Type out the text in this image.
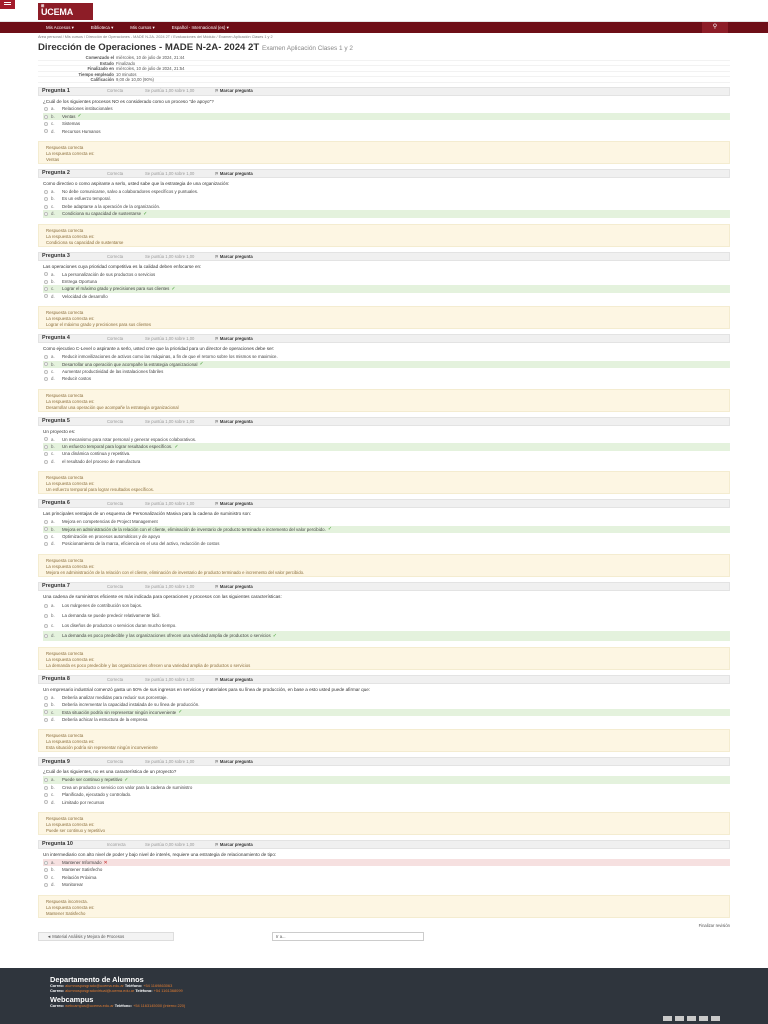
⊞
UCEMA
Mis Accesos ▾	Biblioteca ▾	Mis cursos ▾	Español - Internacional (es) ▾	⚲
Área personal / Mis cursos / Dirección de Operaciones - MADE N-2A- 2024 2T / Evaluaciones del Módulo / Examen Aplicación Clases 1 y 2
Dirección de Operaciones - MADE N-2A- 2024 2T Examen Aplicación Clases 1 y 2
Comenzado el miércoles, 10 de julio de 2024, 21:44
Estado Finalizado
Finalizado en miércoles, 10 de julio de 2024, 21:54
Tiempo empleado 10 minutos
Calificación 9,00 de 10,00 (90%)
Pregunta 1	Correcta	Se puntúa 1,00 sobre 1,00	⚐ Marcar pregunta
¿Cuál de los siguientes procesos NO es considerado como un proceso "de apoyo"?
a.	Relaciones institucionales
b.	Ventas ✓
c.	Sistemas
d.	Recursos Humanos
Respuesta correcta
La respuesta correcta es:
Ventas
Pregunta 2	Correcta	Se puntúa 1,00 sobre 1,00	⚐ Marcar pregunta
Como directivo o como aspirante a serlo, usted sabe que la estrategia de una organización:
a.	No debe comunicarse, salvo a colaboradores específicos y puntuales.
b.	Es un esfuerzo temporal.
c.	Debe adaptarse a la operación de la organización.
d.	Condiciona su capacidad de sustentarse ✓
Respuesta correcta
La respuesta correcta es:
Condiciona su capacidad de sustentarse
Pregunta 3	Correcta	Se puntúa 1,00 sobre 1,00	⚐ Marcar pregunta
Las operaciones cuya prioridad competitiva es la calidad deben enfocarse en:
a.	La personalización de sus productos o servicios
b.	Entrega Oportuna
c.	Lograr el máximo grado y precisiones para sus clientes ✓
d.	Velocidad de desarrollo
Respuesta correcta
La respuesta correcta es:
Lograr el máximo grado y precisiones para sus clientes
Pregunta 4	Correcta	Se puntúa 1,00 sobre 1,00	⚐ Marcar pregunta
Como ejecutivo C-Level o aspirante a serlo, usted cree que la prioridad para un director de operaciones debe ser:
a.	Reducir inmovilizaciones de activos como las máquinas, a fin de que el retorno sobre los mismos se maximice.
b.	Desarrollar una operación que acompañe la estrategia organizacional ✓
c.	Aumentar productividad de las instalaciones fabriles
d.	Reducir costos
Respuesta correcta
La respuesta correcta es:
Desarrollar una operación que acompañe la estrategia organizacional
Pregunta 5	Correcta	Se puntúa 1,00 sobre 1,00	⚐ Marcar pregunta
Un proyecto es:
a.	Un mecanismo para rotar personal y generar espacios colaborativos.
b.	Un esfuerzo temporal para lograr resultados específicos. ✓
c.	Una dinámica continua y repetitiva.
d.	el resultado del proceso de manufactura
Respuesta correcta
La respuesta correcta es:
Un esfuerzo temporal para lograr resultados específicos.
Pregunta 6	Correcta	Se puntúa 1,00 sobre 1,00	⚐ Marcar pregunta
Las principales ventajas de un esquema de Personalización Masiva para la cadena de suministro son:
a.	Mejora en competencias de Project Management
b.	Mejora en administración de la relación con el cliente, eliminación de inventario de producto terminado e incremento del valor percibido. ✓
c.	Optimización en procesos automáticos y de apoyo
d.	Posicionamiento de la marca, eficiencia en el uso del activo, reducción de costos
Respuesta correcta
La respuesta correcta es:
Mejora en administración de la relación con el cliente, eliminación de inventario de producto terminado e incremento del valor percibido.
Pregunta 7	Correcta	Se puntúa 1,00 sobre 1,00	⚐ Marcar pregunta
Una cadena de suministros eficiente es más indicada para operaciones y procesos con las siguientes características:
a.	Los márgenes de contribución son bajos.
b.	La demanda se puede predecir relativamente fácil.
c.	Los diseños de productos o servicios duran mucho tiempo.
d.	La demanda es poco predecible y las organizaciones ofrecen una variedad amplia de productos o servicios ✓
Respuesta correcta
La respuesta correcta es:
La demanda es poco predecible y las organizaciones ofrecen una variedad amplia de productos o servicios
Pregunta 8	Correcta	Se puntúa 1,00 sobre 1,00	⚐ Marcar pregunta
Un empresario industrial comenzó gasta un 50% de sus ingresos en servicios y materiales para su línea de producción, en base a esto usted puede afirmar que:
a.	Debería analizar medidas para reducir sus porcentaje.
b.	Debería incrementar la capacidad instalada de su línea de producción.
c.	Esta situación podría sin representar ningún inconveniente ✓
d.	Debería achicar la estructura de la empresa
Respuesta correcta
La respuesta correcta es:
Esta situación podría sin representar ningún inconveniente
Pregunta 9	Correcta	Se puntúa 1,00 sobre 1,00	⚐ Marcar pregunta
¿Cuál de las siguientes, no es una característica de un proyecto?
a.	Puede ser continuo y repetitivo ✓
b.	Crea un producto o servicio con valor para la cadena de suministro
c.	Planificado, ejecutado y controlado.
d.	Limitado por recursos
Respuesta correcta
La respuesta correcta es:
Puede ser continuo y repetitivo
Pregunta 10	Incorrecta	Se puntúa 0,00 sobre 1,00	⚐ Marcar pregunta
Un intermediario con alto nivel de poder y bajo nivel de interés, requiere una estrategia de relacionamiento de tipo:
a.	Mantener Informado ✕
b.	Mantener Satisfecho
c.	Relación Próxima
d.	Monitorear
Respuesta incorrecta.
La respuesta correcta es:
Mantener Satisfecho
Finalizar revisión
◄ Material Análisis y Mejora de Procesos	Ir a...
Departamento de Alumnos
Correo: alumnosposgrado@ucema.edu.ar Teléfono: +54 1169863063
Correo: alumnosposgradovirtual@ucema.edu.ar Teléfono: +54 1161368099
Webcampus
Correo: webcampus@ucema.edu.ar Teléfono: +54 1163145000 (interno 220)
